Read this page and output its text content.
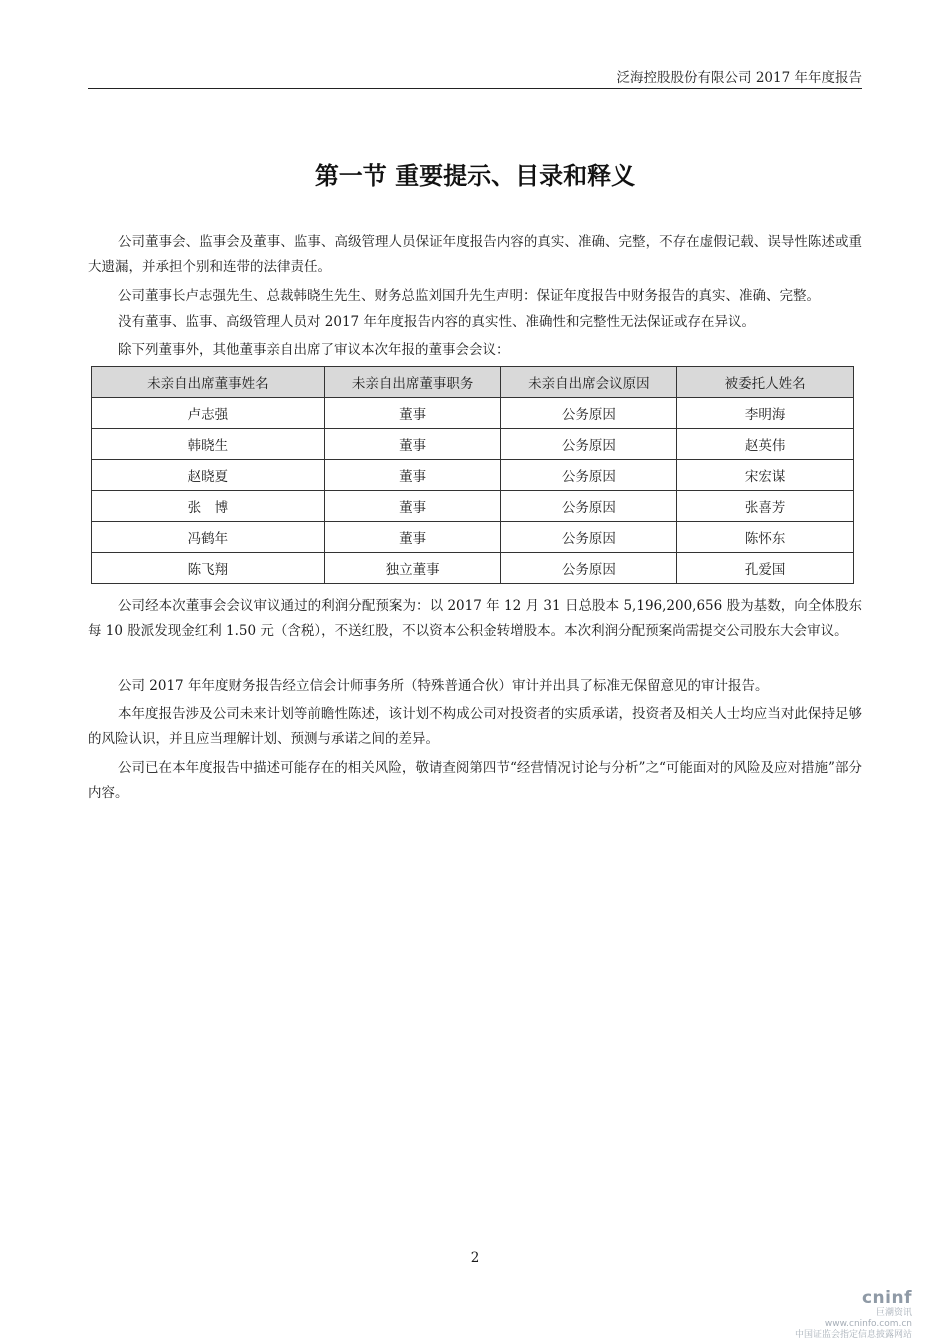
泛海控股股份有限公司 2017 年年度报告
第一节 重要提示、目录和释义

公司董事会、监事会及董事、监事、高级管理人员保证年度报告内容的真实、准确、完整，不存在虚假记载、误导性陈述或重大遗漏，并承担个别和连带的法律责任。

公司董事长卢志强先生、总裁韩晓生先生、财务总监刘国升先生声明：保证年度报告中财务报告的真实、准确、完整。

没有董事、监事、高级管理人员对 2017 年年度报告内容的真实性、准确性和完整性无法保证或存在异议。

除下列董事外，其他董事亲自出席了审议本次年报的董事会会议：

未亲自出席董事姓名	未亲自出席董事职务	未亲自出席会议原因	被委托人姓名
卢志强	董事	公务原因	李明海
韩晓生	董事	公务原因	赵英伟
赵晓夏	董事	公务原因	宋宏谋
张　博	董事	公务原因	张喜芳
冯鹤年	董事	公务原因	陈怀东
陈飞翔	独立董事	公务原因	孔爱国

公司经本次董事会会议审议通过的利润分配预案为：以 2017 年 12 月 31 日总股本 5,196,200,656 股为基数，向全体股东每 10 股派发现金红利 1.50 元（含税），不送红股，不以资本公积金转增股本。本次利润分配预案尚需提交公司股东大会审议。

公司 2017 年年度财务报告经立信会计师事务所（特殊普通合伙）审计并出具了标准无保留意见的审计报告。

本年度报告涉及公司未来计划等前瞻性陈述，该计划不构成公司对投资者的实质承诺，投资者及相关人士均应当对此保持足够的风险认识，并且应当理解计划、预测与承诺之间的差异。

公司已在本年度报告中描述可能存在的相关风险，敬请查阅第四节“经营情况讨论与分析”之“可能面对的风险及应对措施”部分内容。

2
cninf
巨潮资讯
www.cninfo.com.cn
中国证监会指定信息披露网站
